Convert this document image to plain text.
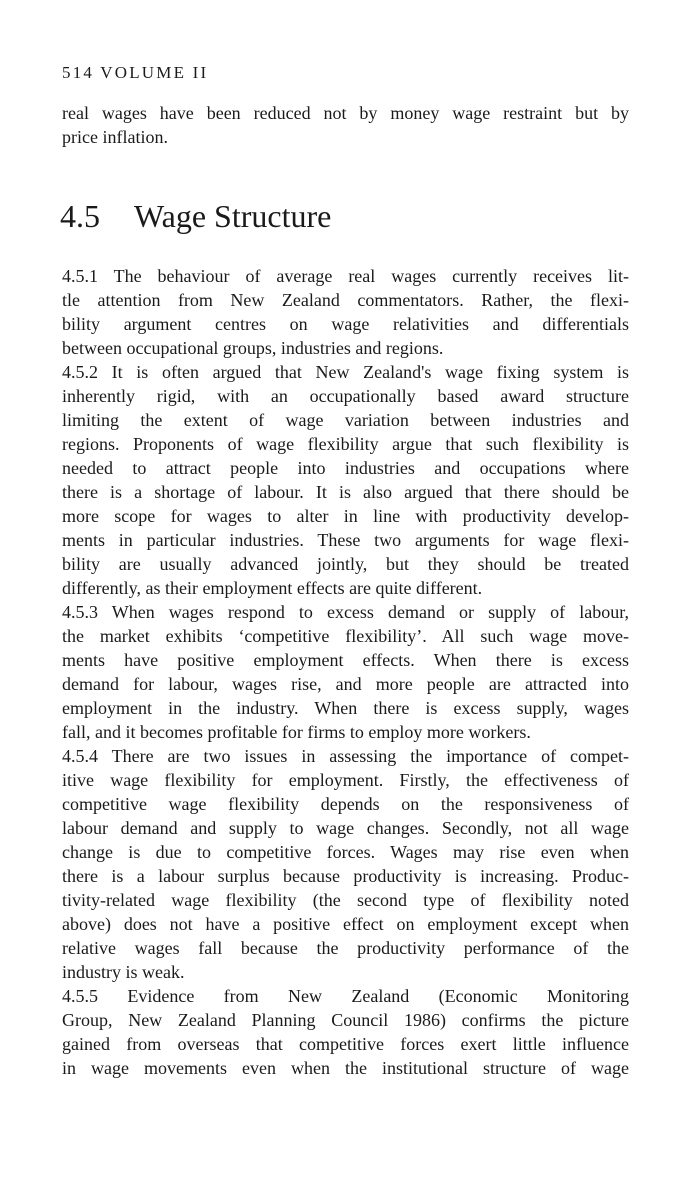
514 VOLUME II
real wages have been reduced not by money wage restraint but by
price inflation.
4.5	Wage Structure
4.5.1 The behaviour of average real wages currently receives lit-
tle attention from New Zealand commentators. Rather, the flexi-
bility argument centres on wage relativities and differentials
between occupational groups, industries and regions.
4.5.2 It is often argued that New Zealand's wage fixing system is
inherently rigid, with an occupationally based award structure
limiting the extent of wage variation between industries and
regions. Proponents of wage flexibility argue that such flexibility is
needed to attract people into industries and occupations where
there is a shortage of labour. It is also argued that there should be
more scope for wages to alter in line with productivity develop-
ments in particular industries. These two arguments for wage flexi-
bility are usually advanced jointly, but they should be treated
differently, as their employment effects are quite different.
4.5.3 When wages respond to excess demand or supply of labour,
the market exhibits ‘competitive flexibility’. All such wage move-
ments have positive employment effects. When there is excess
demand for labour, wages rise, and more people are attracted into
employment in the industry. When there is excess supply, wages
fall, and it becomes profitable for firms to employ more workers.
4.5.4 There are two issues in assessing the importance of compet-
itive wage flexibility for employment. Firstly, the effectiveness of
competitive wage flexibility depends on the responsiveness of
labour demand and supply to wage changes. Secondly, not all wage
change is due to competitive forces. Wages may rise even when
there is a labour surplus because productivity is increasing. Produc-
tivity-related wage flexibility (the second type of flexibility noted
above) does not have a positive effect on employment except when
relative wages fall because the productivity performance of the
industry is weak.
4.5.5 Evidence from New Zealand (Economic Monitoring
Group, New Zealand Planning Council 1986) confirms the picture
gained from overseas that competitive forces exert little influence
in wage movements even when the institutional structure of wage
